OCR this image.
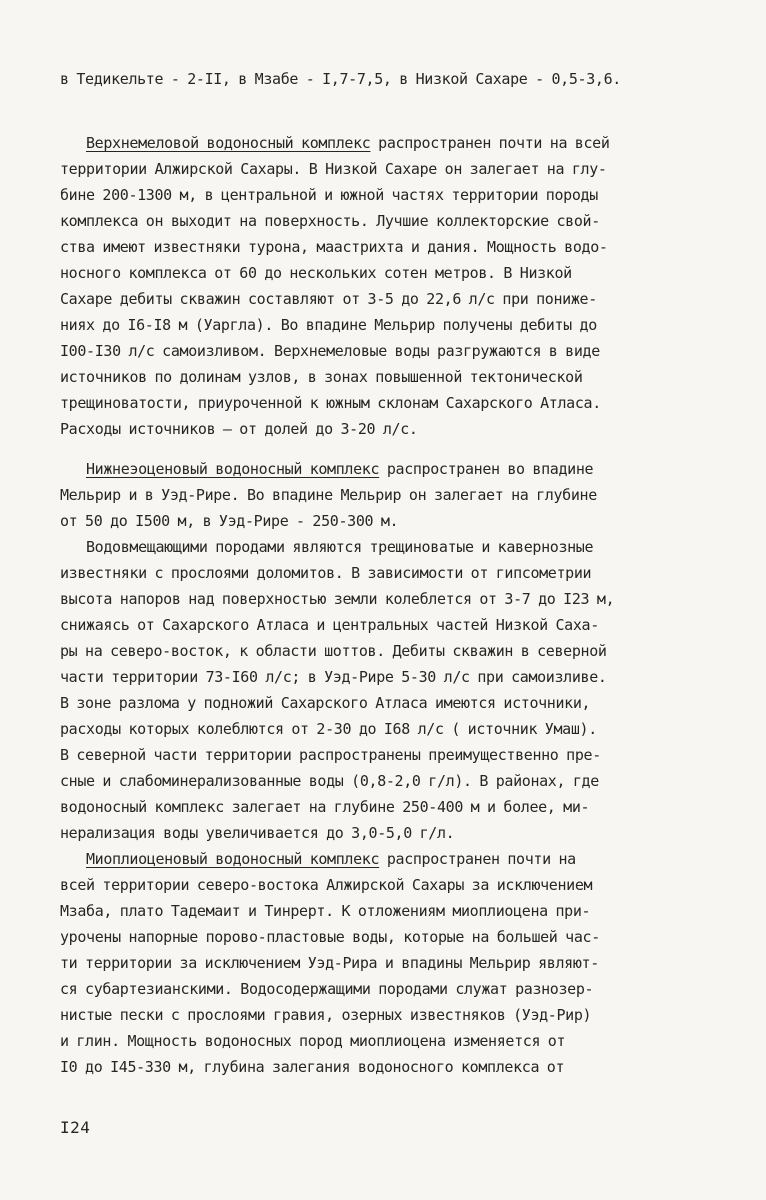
в Тедикельте - 2-II, в Мзабе - I,7-7,5, в Низкой Сахаре - 0,5-3,6.
Верхнемеловой водоносный комплекс распространен почти на всей
территории Алжирской Сахары. В Низкой Сахаре он залегает на глу-
бине 200-1300 м, в центральной и южной частях территории породы
комплекса он выходит на поверхность. Лучшие коллекторские свой-
ства имеют известняки турона, маастрихта и дания. Мощность водо-
носного комплекса от 60 до нескольких сотен метров. В Низкой
Сахаре дебиты скважин составляют от 3-5 до 22,6 л/с при пониже-
ниях до I6-I8 м (Уаргла). Во впадине Мельрир получены дебиты до
I00-I30 л/с самоизливом. Верхнемеловые воды разгружаются в виде
источников по долинам узлов, в зонах повышенной тектонической
трещиноватости, приуроченной к южным склонам Сахарского Атласа.
Расходы источников — от долей до 3-20 л/с.
Нижнеэоценовый водоносный комплекс распространен во впадине
Мельрир и в Уэд-Рире. Во впадине Мельрир он залегает на глубине
от 50 до I500 м, в Уэд-Рире - 250-300 м.
Водовмещающими породами являются трещиноватые и кавернозные
известняки с прослоями доломитов. В зависимости от гипсометрии
высота напоров над поверхностью земли колеблется от 3-7 до I23 м,
снижаясь от Сахарского Атласа и центральных частей Низкой Саха-
ры на северо-восток, к области шоттов. Дебиты скважин в северной
части территории 73-I60 л/с; в Уэд-Рире 5-30 л/с при самоизливе.
В зоне разлома у подножий Сахарского Атласа имеются источники,
расходы которых колеблются от 2-30 до I68 л/с ( источник Умаш).
В северной части территории распространены преимущественно пре-
сные и слабоминерализованные воды (0,8-2,0 г/л). В районах, где
водоносный комплекс залегает на глубине 250-400 м и более, ми-
нерализация воды увеличивается до 3,0-5,0 г/л.
Миоплиоценовый водоносный комплекс распространен почти на
всей территории северо-востока Алжирской Сахары за исключением
Мзаба, плато Тадемаит и Тинрерт. К отложениям миоплиоцена при-
урочены напорные порово-пластовые воды, которые на большей час-
ти территории за исключением Уэд-Рира и впадины Мельрир являют-
ся субартезианскими. Водосодержащими породами служат разнозер-
нистые пески с прослоями гравия, озерных известняков (Уэд-Рир)
и глин. Мощность водоносных пород миоплиоцена изменяется от
I0 до I45-330 м, глубина залегания водоносного комплекса от
I24
